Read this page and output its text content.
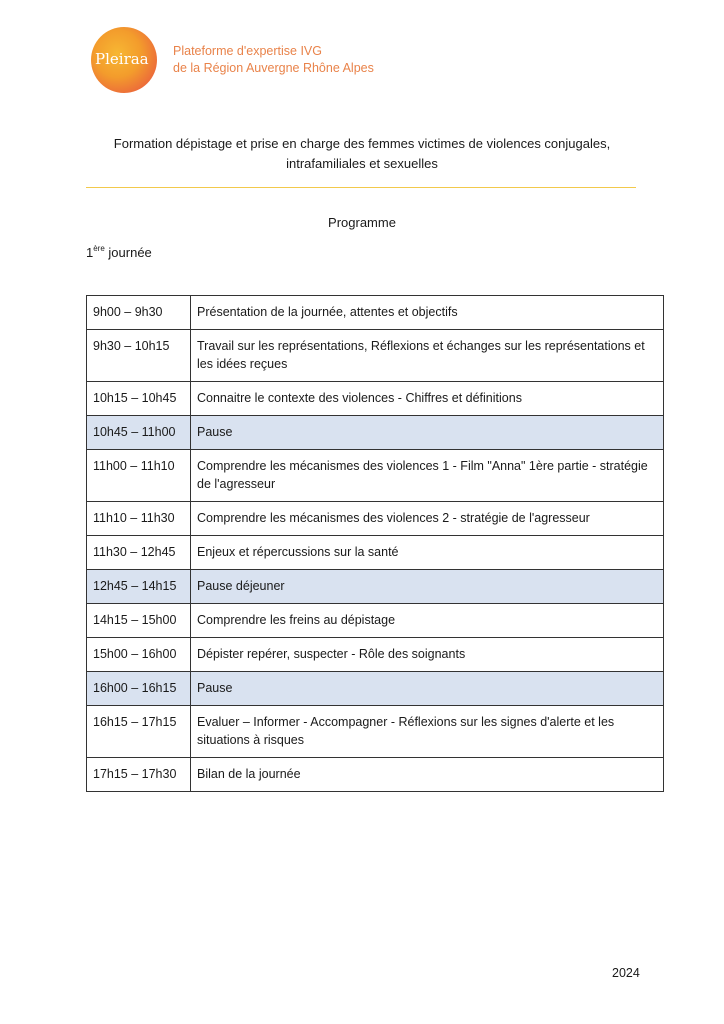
Pleiraa Plateforme d'expertise IVG
de la Région Auvergne Rhône Alpes
Formation dépistage et prise en charge des femmes victimes de violences conjugales,
intrafamiliales et sexuelles
Programme
1ère journée
9h00 – 9h30	Présentation de la journée, attentes et objectifs
9h30 – 10h15	Travail sur les représentations, Réflexions et échanges sur les représentations et les idées reçues
10h15 – 10h45	Connaitre le contexte des violences - Chiffres et définitions
10h45 – 11h00	Pause
11h00 – 11h10	Comprendre les mécanismes des violences 1 - Film "Anna" 1ère partie - stratégie de l'agresseur
11h10 – 11h30	Comprendre les mécanismes des violences 2 - stratégie de l'agresseur
11h30 – 12h45	Enjeux et répercussions sur la santé
12h45 – 14h15	Pause déjeuner
14h15 – 15h00	Comprendre les freins au dépistage
15h00 – 16h00	Dépister repérer, suspecter - Rôle des soignants
16h00 – 16h15	Pause
16h15 – 17h15	Evaluer – Informer - Accompagner - Réflexions sur les signes d'alerte et les situations à risques
17h15 – 17h30	Bilan de la journée
2024
